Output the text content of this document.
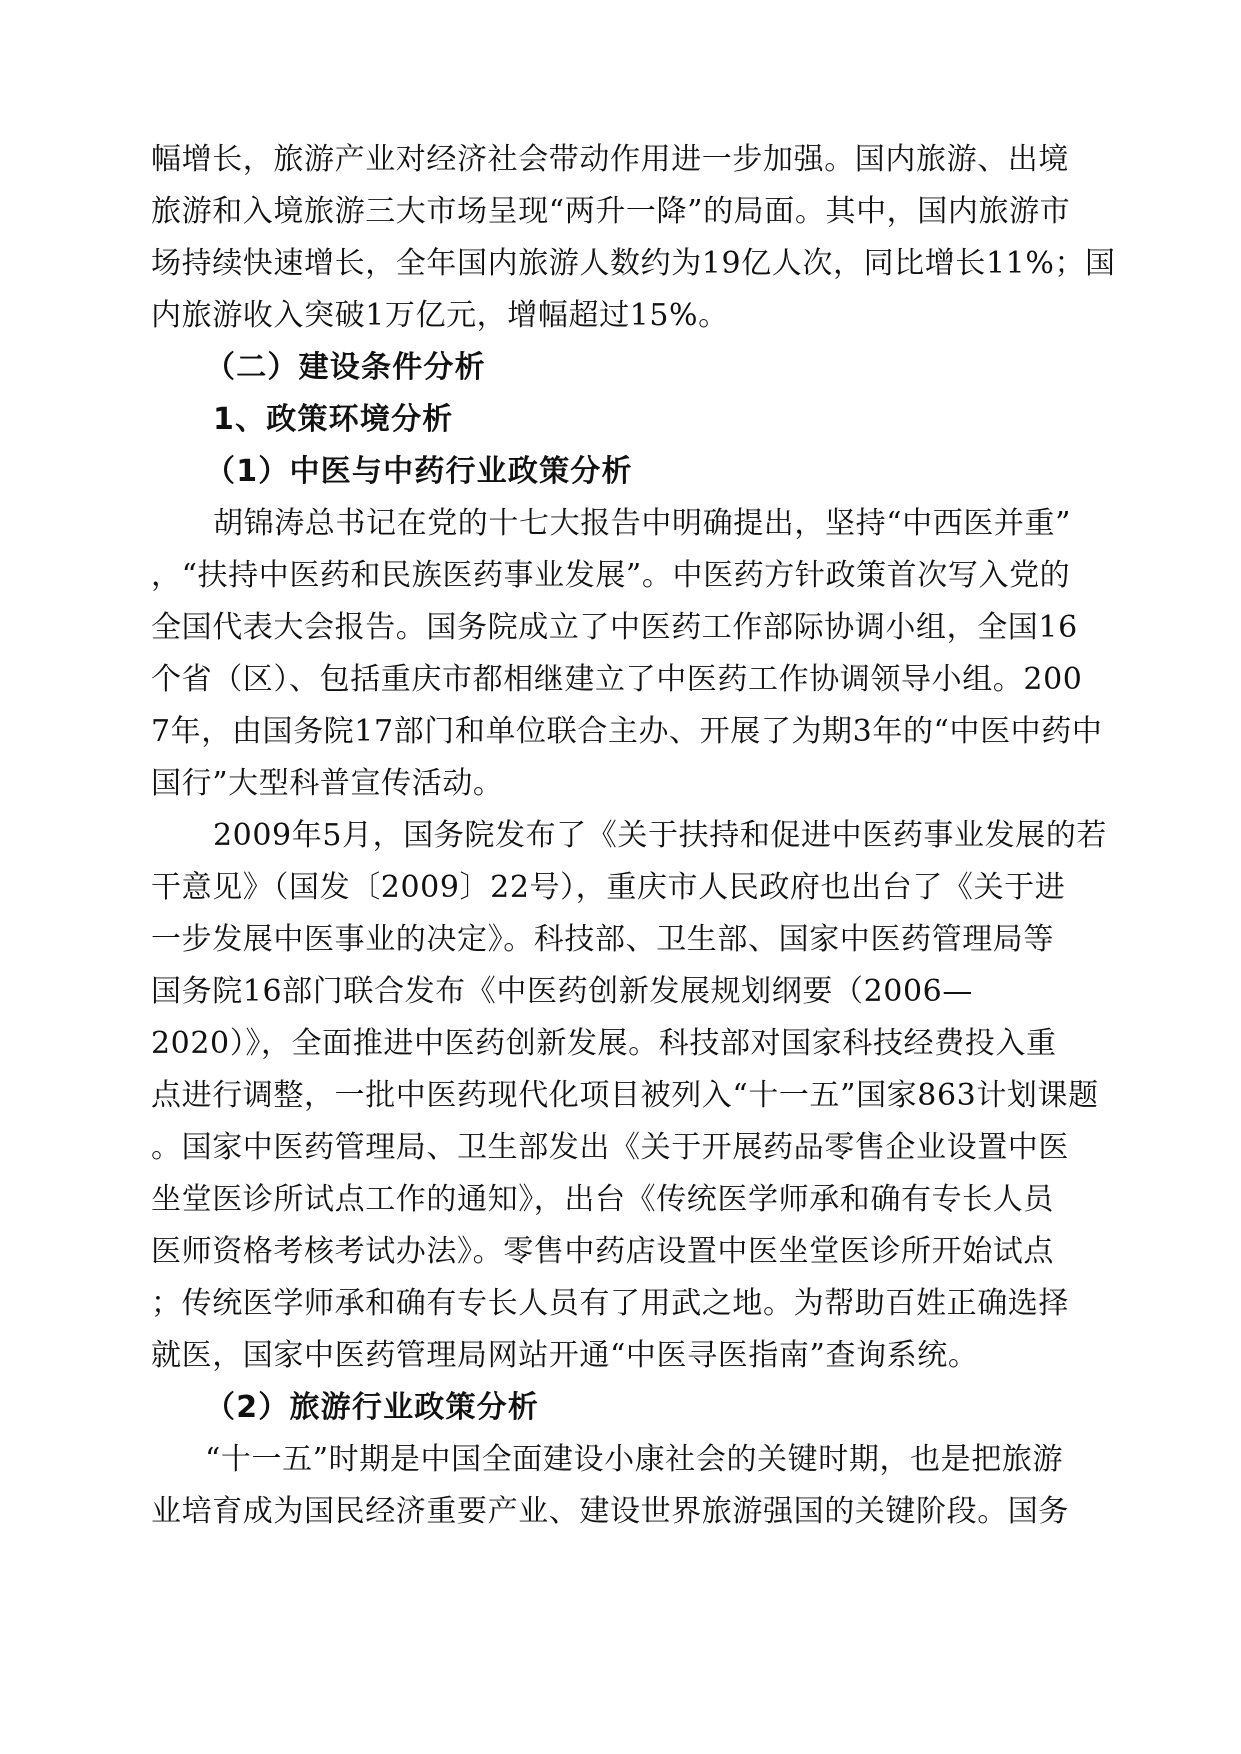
幅增长，旅游产业对经济社会带动作用进一步加强。国内旅游、出境
旅游和入境旅游三大市场呈现“两升一降”的局面。其中，国内旅游市
场持续快速增长，全年国内旅游人数约为19亿人次，同比增长11%；国
内旅游收入突破1万亿元，增幅超过15%。
（二）建设条件分析
1、政策环境分析
（1）中医与中药行业政策分析
胡锦涛总书记在党的十七大报告中明确提出，坚持“中西医并重”
，“扶持中医药和民族医药事业发展”。中医药方针政策首次写入党的
全国代表大会报告。国务院成立了中医药工作部际协调小组，全国16
个省（区）、包括重庆市都相继建立了中医药工作协调领导小组。200
7年，由国务院17部门和单位联合主办、开展了为期3年的“中医中药中
国行”大型科普宣传活动。
2009年5月，国务院发布了《关于扶持和促进中医药事业发展的若
干意见》（国发〔2009〕22号），重庆市人民政府也出台了《关于进
一步发展中医事业的决定》。科技部、卫生部、国家中医药管理局等
国务院16部门联合发布《中医药创新发展规划纲要（2006—
2020）》，全面推进中医药创新发展。科技部对国家科技经费投入重
点进行调整，一批中医药现代化项目被列入“十一五”国家863计划课题
。国家中医药管理局、卫生部发出《关于开展药品零售企业设置中医
坐堂医诊所试点工作的通知》，出台《传统医学师承和确有专长人员
医师资格考核考试办法》。零售中药店设置中医坐堂医诊所开始试点
；传统医学师承和确有专长人员有了用武之地。为帮助百姓正确选择
就医，国家中医药管理局网站开通“中医寻医指南”查询系统。
（2）旅游行业政策分析
“十一五”时期是中国全面建设小康社会的关键时期，也是把旅游
业培育成为国民经济重要产业、建设世界旅游强国的关键阶段。国务
